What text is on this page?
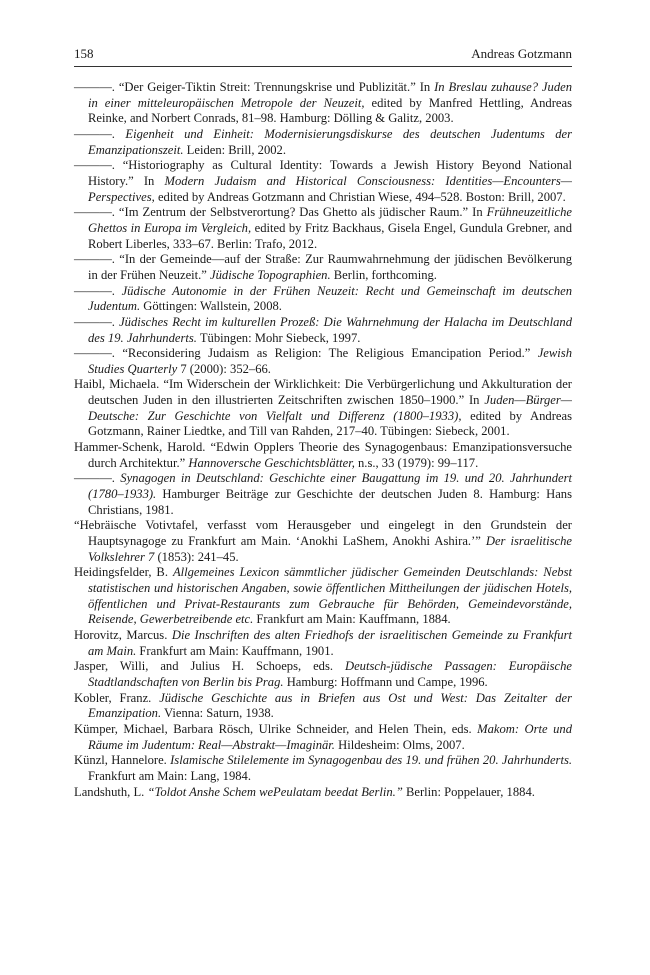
158	Andreas Gotzmann

———. “Der Geiger-Tiktin Streit: Trennungskrise und Publizität.” In In Breslau zuhause? Juden in einer mitteleuropäischen Metropole der Neuzeit, edited by Manfred Hettling, Andreas Reinke, and Norbert Conrads, 81–98. Hamburg: Dölling & Galitz, 2003.

———. Eigenheit und Einheit: Modernisierungsdiskurse des deutschen Judentums der Emanzipationszeit. Leiden: Brill, 2002.

———. “Historiography as Cultural Identity: Towards a Jewish History Beyond National History.” In Modern Judaism and Historical Consciousness: Identities—Encounters—Perspectives, edited by Andreas Gotzmann and Christian Wiese, 494–528. Boston: Brill, 2007.

———. “Im Zentrum der Selbstverortung? Das Ghetto als jüdischer Raum.” In Frühneuzeitliche Ghettos in Europa im Vergleich, edited by Fritz Backhaus, Gisela Engel, Gundula Grebner, and Robert Liberles, 333–67. Berlin: Trafo, 2012.

———. “In der Gemeinde—auf der Straße: Zur Raumwahrnehmung der jüdischen Bevölkerung in der Frühen Neuzeit.” Jüdische Topographien. Berlin, forthcoming.

———. Jüdische Autonomie in der Frühen Neuzeit: Recht und Gemeinschaft im deutschen Judentum. Göttingen: Wallstein, 2008.

———. Jüdisches Recht im kulturellen Prozeß: Die Wahrnehmung der Halacha im Deutschland des 19. Jahrhunderts. Tübingen: Mohr Siebeck, 1997.

———. “Reconsidering Judaism as Religion: The Religious Emancipation Period.” Jewish Studies Quarterly 7 (2000): 352–66.

Haibl, Michaela. “Im Widerschein der Wirklichkeit: Die Verbürgerlichung und Akkulturation der deutschen Juden in den illustrierten Zeitschriften zwischen 1850–1900.” In Juden—Bürger—Deutsche: Zur Geschichte von Vielfalt und Differenz (1800–1933), edited by Andreas Gotzmann, Rainer Liedtke, and Till van Rahden, 217–40. Tübingen: Siebeck, 2001.

Hammer-Schenk, Harold. “Edwin Opplers Theorie des Synagogenbaus: Emanzipationsversuche durch Architektur.” Hannoversche Geschichtsblätter, n.s., 33 (1979): 99–117.

———. Synagogen in Deutschland: Geschichte einer Baugattung im 19. und 20. Jahrhundert (1780–1933). Hamburger Beiträge zur Geschichte der deutschen Juden 8. Hamburg: Hans Christians, 1981.

“Hebräische Votivtafel, verfasst vom Herausgeber und eingelegt in den Grundstein der Hauptsynagoge zu Frankfurt am Main. ‘Anokhi LaShem, Anokhi Ashira.’” Der israelitische Volkslehrer 7 (1853): 241–45.

Heidingsfelder, B. Allgemeines Lexicon sämmtlicher jüdischer Gemeinden Deutschlands: Nebst statistischen und historischen Angaben, sowie öffentlichen Mittheilungen der jüdischen Hotels, öffentlichen und Privat-Restaurants zum Gebrauche für Behörden, Gemeindevorstände, Reisende, Gewerbetreibende etc. Frankfurt am Main: Kauffmann, 1884.

Horovitz, Marcus. Die Inschriften des alten Friedhofs der israelitischen Gemeinde zu Frankfurt am Main. Frankfurt am Main: Kauffmann, 1901.

Jasper, Willi, and Julius H. Schoeps, eds. Deutsch-jüdische Passagen: Europäische Stadtlandschaften von Berlin bis Prag. Hamburg: Hoffmann und Campe, 1996.

Kobler, Franz. Jüdische Geschichte aus in Briefen aus Ost und West: Das Zeitalter der Emanzipation. Vienna: Saturn, 1938.

Kümper, Michael, Barbara Rösch, Ulrike Schneider, and Helen Thein, eds. Makom: Orte und Räume im Judentum: Real—Abstrakt—Imaginär. Hildesheim: Olms, 2007.

Künzl, Hannelore. Islamische Stilelemente im Synagogenbau des 19. und frühen 20. Jahrhunderts. Frankfurt am Main: Lang, 1984.

Landshuth, L. “Toldot Anshe Schem wePeulatam beedat Berlin.” Berlin: Poppelauer, 1884.
